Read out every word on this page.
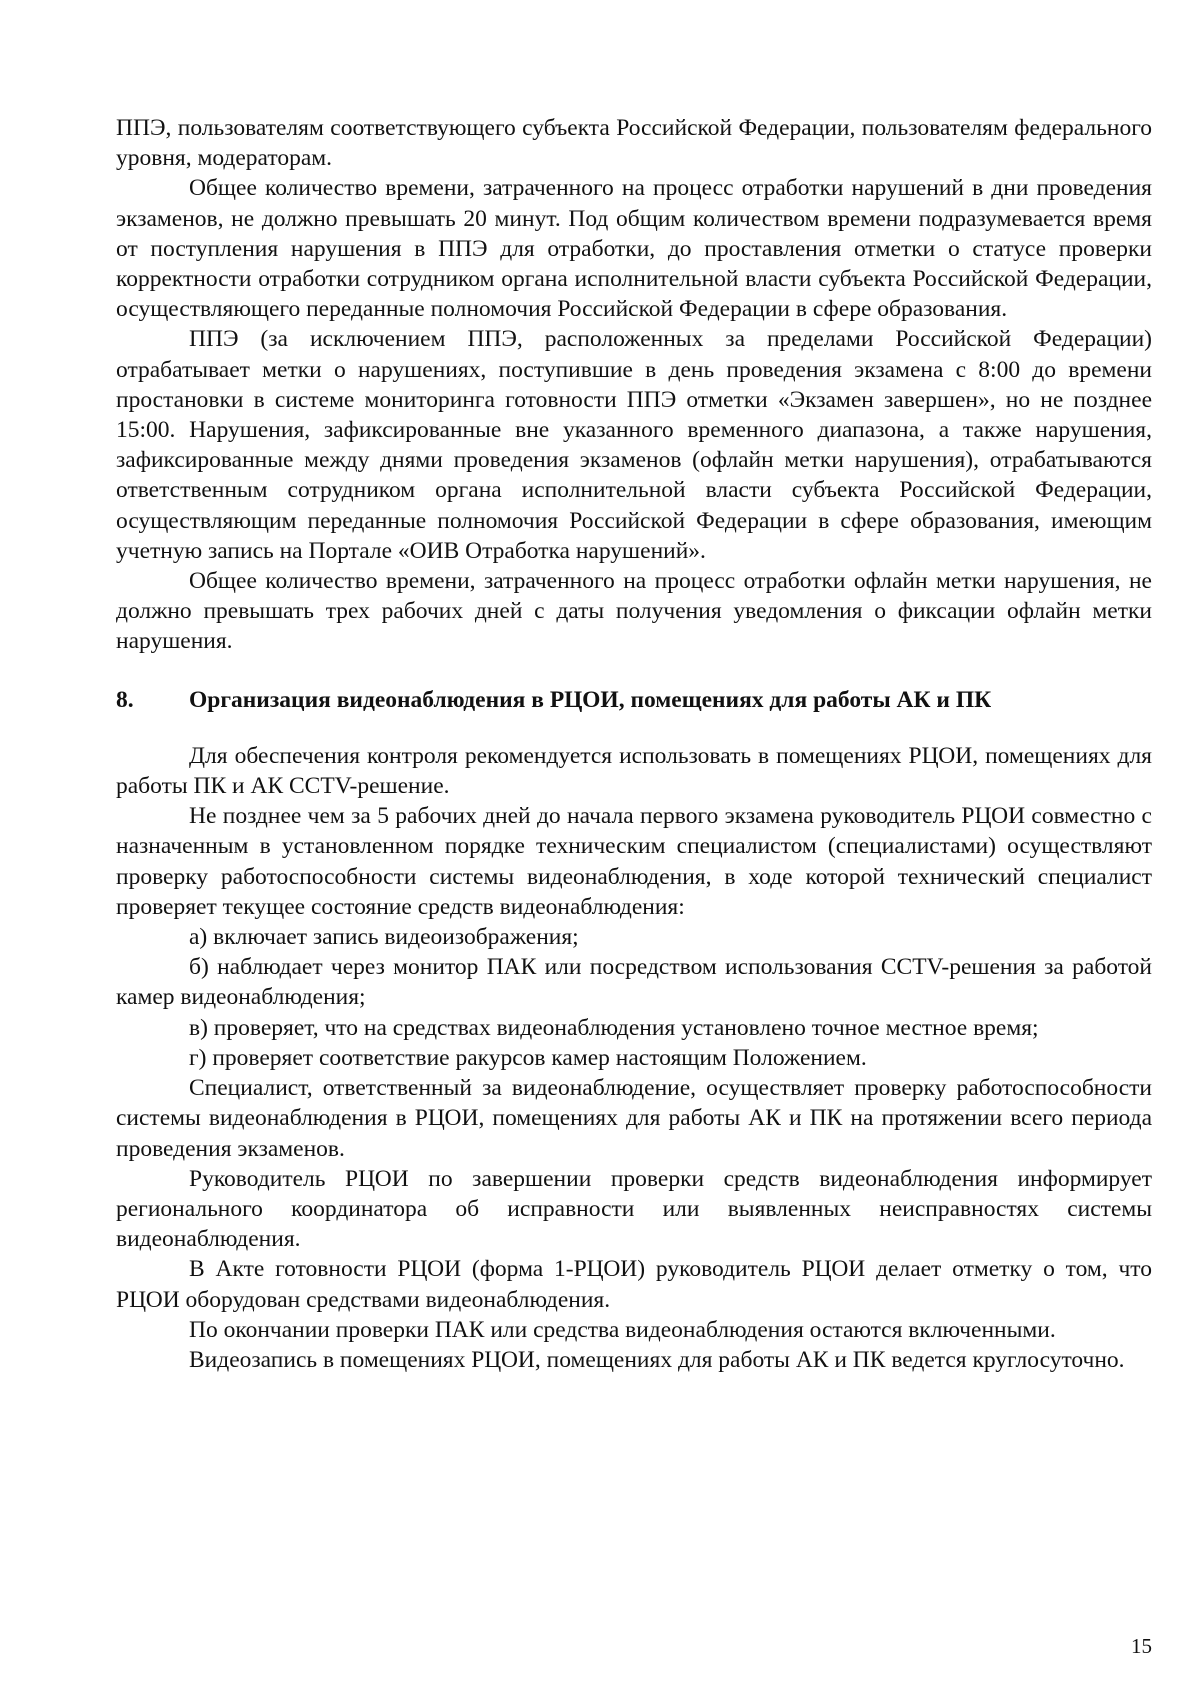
ППЭ, пользователям соответствующего субъекта Российской Федерации, пользователям федерального уровня, модераторам.

Общее количество времени, затраченного на процесс отработки нарушений в дни проведения экзаменов, не должно превышать 20 минут. Под общим количеством времени подразумевается время от поступления нарушения в ППЭ для отработки, до проставления отметки о статусе проверки корректности отработки сотрудником органа исполнительной власти субъекта Российской Федерации, осуществляющего переданные полномочия Российской Федерации в сфере образования.

ППЭ (за исключением ППЭ, расположенных за пределами Российской Федерации) отрабатывает метки о нарушениях, поступившие в день проведения экзамена с 8:00 до времени простановки в системе мониторинга готовности ППЭ отметки «Экзамен завершен», но не позднее 15:00. Нарушения, зафиксированные вне указанного временного диапазона, а также нарушения, зафиксированные между днями проведения экзаменов (офлайн метки нарушения), отрабатываются ответственным сотрудником органа исполнительной власти субъекта Российской Федерации, осуществляющим переданные полномочия Российской Федерации в сфере образования, имеющим учетную запись на Портале «ОИВ Отработка нарушений».

Общее количество времени, затраченного на процесс отработки офлайн метки нарушения, не должно превышать трех рабочих дней с даты получения уведомления о фиксации офлайн метки нарушения.

8.	Организация видеонаблюдения в РЦОИ, помещениях для работы АК и ПК

Для обеспечения контроля рекомендуется использовать в помещениях РЦОИ, помещениях для работы ПК и АК CCTV-решение.

Не позднее чем за 5 рабочих дней до начала первого экзамена руководитель РЦОИ совместно с назначенным в установленном порядке техническим специалистом (специалистами) осуществляют проверку работоспособности системы видеонаблюдения, в ходе которой технический специалист проверяет текущее состояние средств видеонаблюдения:

а) включает запись видеоизображения;

б) наблюдает через монитор ПАК или посредством использования CCTV-решения за работой камер видеонаблюдения;

в) проверяет, что на средствах видеонаблюдения установлено точное местное время;

г) проверяет соответствие ракурсов камер настоящим Положением.

Специалист, ответственный за видеонаблюдение, осуществляет проверку работоспособности системы видеонаблюдения в РЦОИ, помещениях для работы АК и ПК на протяжении всего периода проведения экзаменов.

Руководитель РЦОИ по завершении проверки средств видеонаблюдения информирует регионального координатора об исправности или выявленных неисправностях системы видеонаблюдения.

В Акте готовности РЦОИ (форма 1-РЦОИ) руководитель РЦОИ делает отметку о том, что РЦОИ оборудован средствами видеонаблюдения.

По окончании проверки ПАК или средства видеонаблюдения остаются включенными.

Видеозапись в помещениях РЦОИ, помещениях для работы АК и ПК ведется круглосуточно.

15
